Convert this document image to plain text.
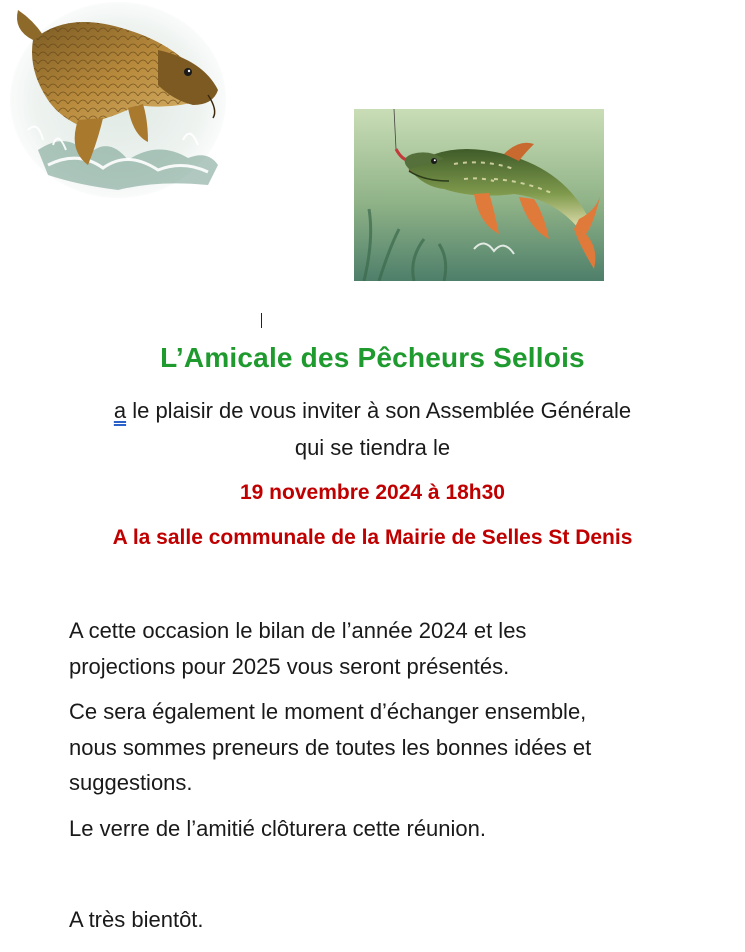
L’Amicale des Pêcheurs Sellois
a le plaisir de vous inviter à son Assemblée Générale
qui se tiendra le
19 novembre 2024 à 18h30
A la salle communale de la Mairie de Selles St Denis
A cette occasion le bilan de l’année 2024 et les
projections pour 2025 vous seront présentés.
Ce sera également le moment d’échanger ensemble,
nous sommes preneurs de toutes les bonnes idées et
suggestions.
Le verre de l’amitié clôturera cette réunion.
A très bientôt.
